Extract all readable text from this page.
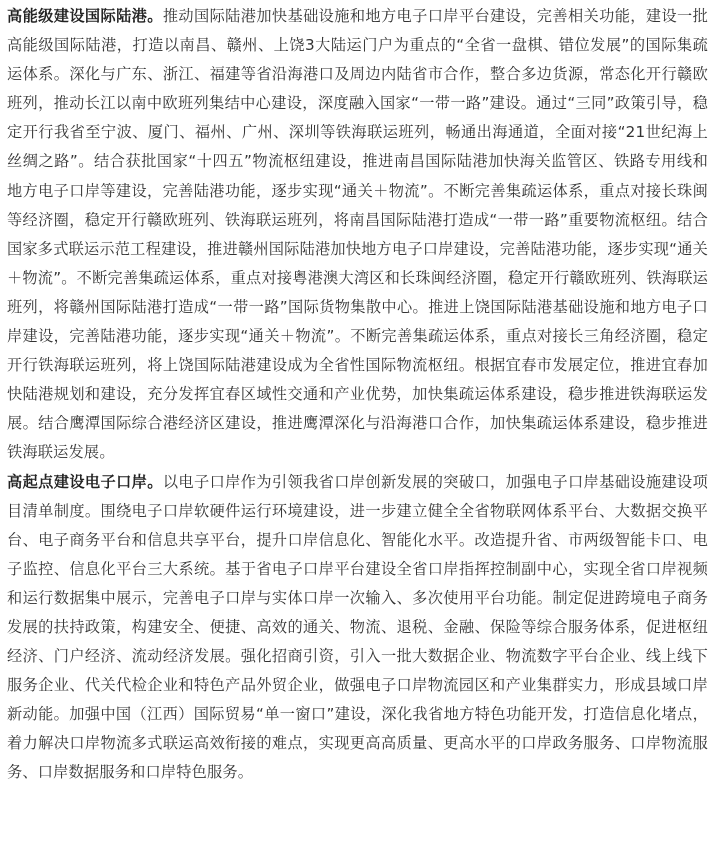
高能级建设国际陆港。推动国际陆港加快基础设施和地方电子口岸平台建设，完善相关功能，建设一批高能级国际陆港，打造以南昌、赣州、上饶3大陆运门户为重点的“全省一盘棋、错位发展”的国际集疏运体系。深化与广东、浙江、福建等省沿海港口及周边内陆省市合作，整合多边货源，常态化开行赣欧班列，推动长江以南中欧班列集结中心建设，深度融入国家“一带一路”建设。通过“三同”政策引导，稳定开行我省至宁波、厦门、福州、广州、深圳等铁海联运班列，畅通出海通道，全面对接“21世纪海上丝绸之路”。结合获批国家“十四五”物流枢纽建设，推进南昌国际陆港加快海关监管区、铁路专用线和地方电子口岸等建设，完善陆港功能，逐步实现“通关＋物流”。不断完善集疏运体系，重点对接长珠闽等经济圈，稳定开行赣欧班列、铁海联运班列，将南昌国际陆港打造成“一带一路”重要物流枢纽。结合国家多式联运示范工程建设，推进赣州国际陆港加快地方电子口岸建设，完善陆港功能，逐步实现“通关＋物流”。不断完善集疏运体系，重点对接粤港澳大湾区和长珠闽经济圈，稳定开行赣欧班列、铁海联运班列，将赣州国际陆港打造成“一带一路”国际货物集散中心。推进上饶国际陆港基础设施和地方电子口岸建设，完善陆港功能，逐步实现“通关＋物流”。不断完善集疏运体系，重点对接长三角经济圈，稳定开行铁海联运班列，将上饶国际陆港建设成为全省性国际物流枢纽。根据宜春市发展定位，推进宜春加快陆港规划和建设，充分发挥宜春区域性交通和产业优势，加快集疏运体系建设，稳步推进铁海联运发展。结合鹰潭国际综合港经济区建设，推进鹰潭深化与沿海港口合作，加快集疏运体系建设，稳步推进铁海联运发展。

高起点建设电子口岸。以电子口岸作为引领我省口岸创新发展的突破口，加强电子口岸基础设施建设项目清单制度。围绕电子口岸软硬件运行环境建设，进一步建立健全全省物联网体系平台、大数据交换平台、电子商务平台和信息共享平台，提升口岸信息化、智能化水平。改造提升省、市两级智能卡口、电子监控、信息化平台三大系统。基于省电子口岸平台建设全省口岸指挥控制副中心，实现全省口岸视频和运行数据集中展示，完善电子口岸与实体口岸一次输入、多次使用平台功能。制定促进跨境电子商务发展的扶持政策，构建安全、便捷、高效的通关、物流、退税、金融、保险等综合服务体系，促进枢纽经济、门户经济、流动经济发展。强化招商引资，引入一批大数据企业、物流数字平台企业、线上线下服务企业、代关代检企业和特色产品外贸企业，做强电子口岸物流园区和产业集群实力，形成县域口岸新动能。加强中国（江西）国际贸易“单一窗口”建设，深化我省地方特色功能开发，打造信息化堵点，着力解决口岸物流多式联运高效衔接的难点，实现更高高质量、更高水平的口岸政务服务、口岸物流服务、口岸数据服务和口岸特色服务。
